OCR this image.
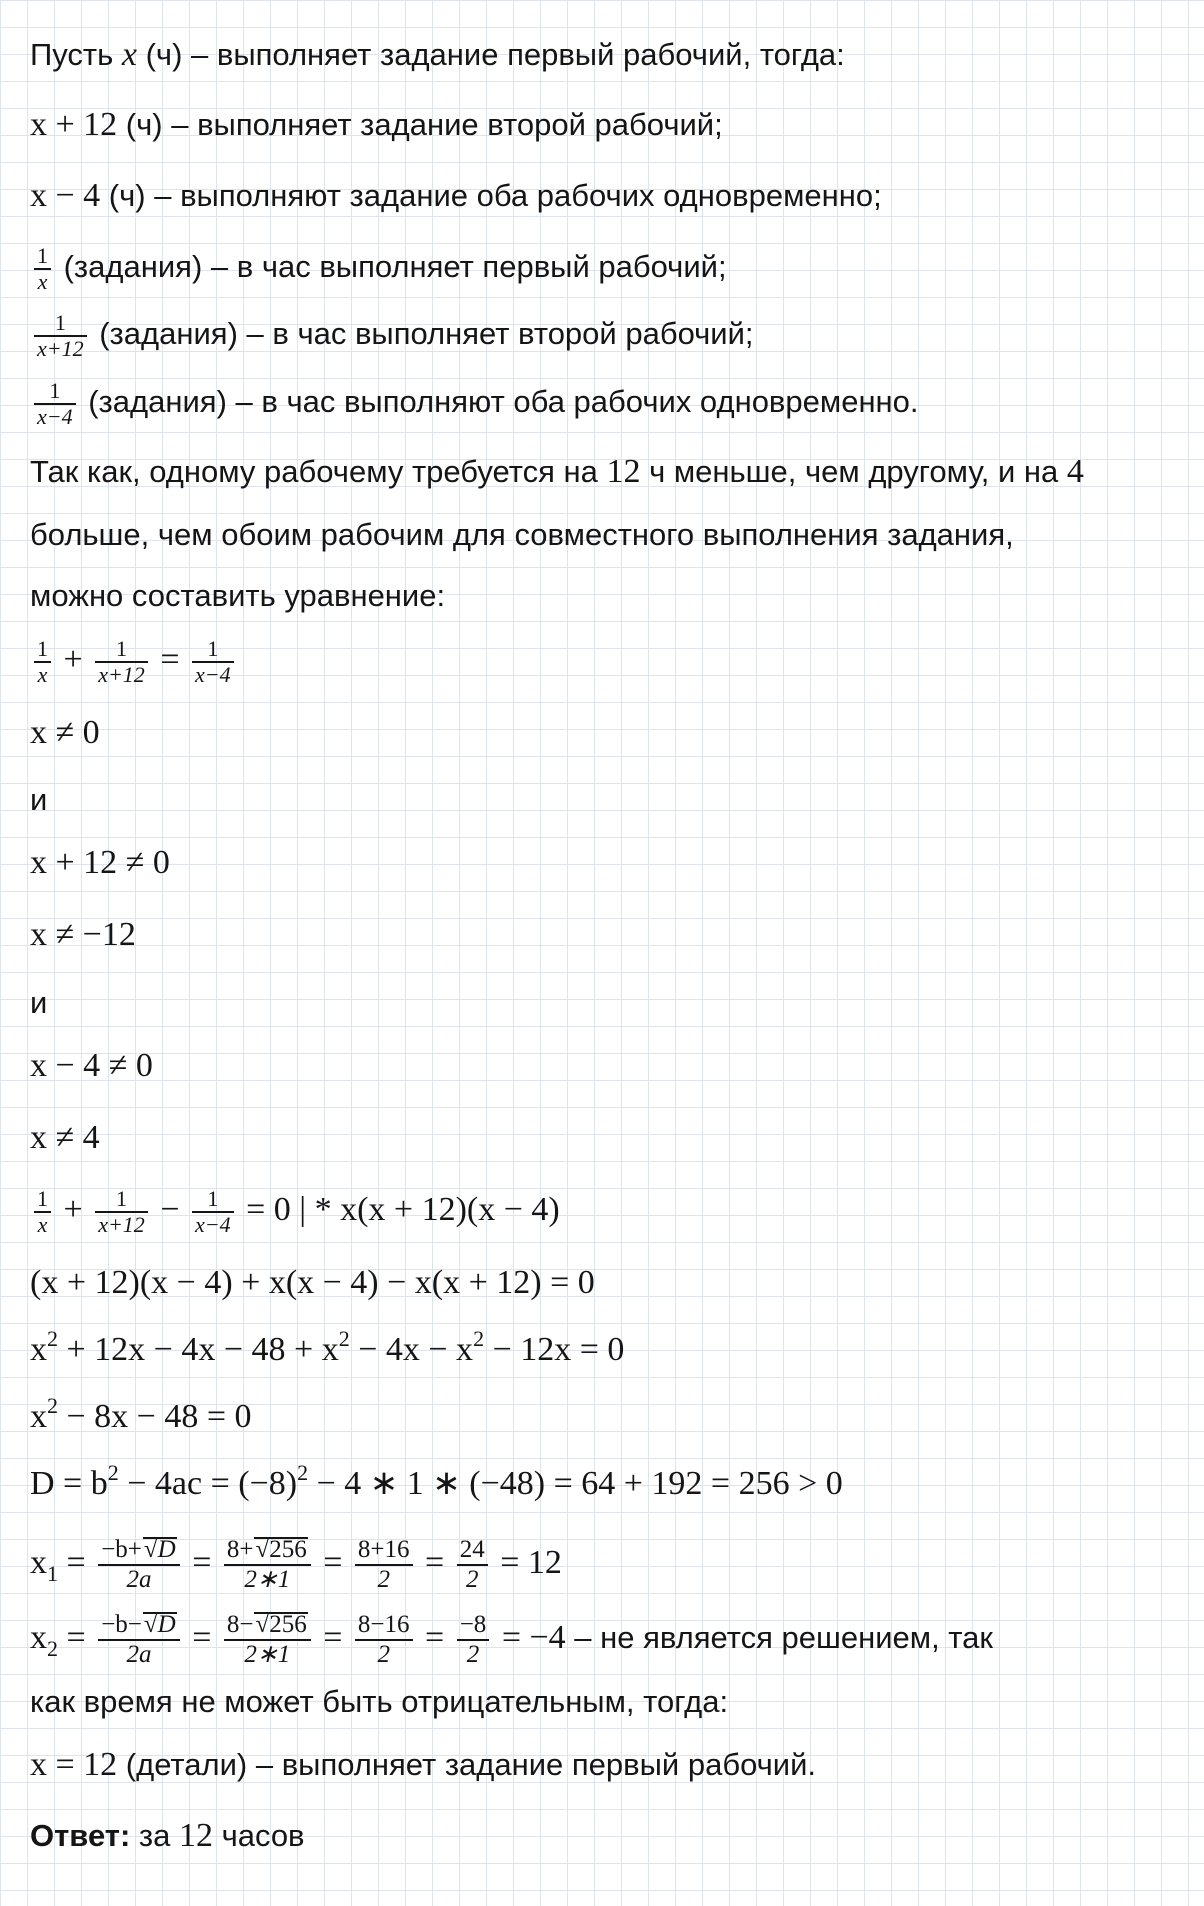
Пусть x (ч) – выполняет задание первый рабочий, тогда:
x + 12 (ч) – выполняет задание второй рабочий;
x − 4 (ч) – выполняют задание оба рабочих одновременно;
$\frac{1}{x}$ (задания) – в час выполняет первый рабочий;
$\frac{1}{x+12}$ (задания) – в час выполняет второй рабочий;
$\frac{1}{x-4}$ (задания) – в час выполняют оба рабочих одновременно.
Так как, одному рабочему требуется на 12 ч меньше, чем другому, и на 4
больше, чем обоим рабочим для совместного выполнения задания,
можно составить уравнение:
$\frac{1}{x} + \frac{1}{x+12} = \frac{1}{x-4}$
x ≠ 0
и
x + 12 ≠ 0
x ≠ −12
и
x − 4 ≠ 0
x ≠ 4
$\frac{1}{x} + \frac{1}{x+12} - \frac{1}{x-4} = 0$ | * x(x + 12)(x − 4)
(x + 12)(x − 4) + x(x − 4) − x(x + 12) = 0
$x^2 + 12x - 4x - 48 + x^2 - 4x - x^2 - 12x = 0$
$x^2 - 8x - 48 = 0$
$D = b^2 - 4ac = (-8)^2 - 4$ ∗ 1 ∗ (−48) = 64 + 192 = 256 > 0
$x_1 = \frac{-b+√D}{2a} = \frac{8+√256}{2∗1} = \frac{8+16}{2} = \frac{24}{2} = 12$
$x_2 = \frac{-b-√D}{2a} = \frac{8-√256}{2∗1} = \frac{8-16}{2} = \frac{-8}{2} = -4$ – не является решением, так
как время не может быть отрицательным, тогда:
x = 12 (детали) – выполняет задание первый рабочий.
Ответ: за 12 часов
